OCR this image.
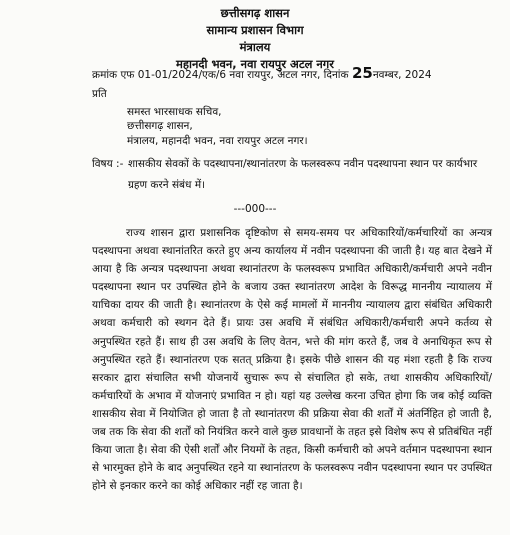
छत्तीसगढ़ शासन
सामान्य प्रशासन विभाग
मंत्रालय
महानदी भवन, नवा रायपुर अटल नगर
क्रमांक एफ 01-01/2024/एक/6 नवा रायपुर, अटल नगर, दिनांक 25नवम्बर, 2024
प्रति
समस्त भारसाधक सचिव,
छत्तीसगढ़ शासन,
मंत्रालय, महानदी भवन, नवा रायपुर अटल नगर।
विषय :- शासकीय सेवकों के पदस्थापना/स्थानांतरण के फलस्वरूप नवीन पदस्थापना स्थान पर कार्यभार ग्रहण करने संबंध में।
---000---
राज्य शासन द्वारा प्रशासनिक दृष्टिकोण से समय-समय पर अधिकारियों/कर्मचारियों का अन्यत्र पदस्थापना अथवा स्थानांतरित करते हुए अन्य कार्यालय में नवीन पदस्थापना की जाती है। यह बात देखने में आया है कि अन्यत्र पदस्थापना अथवा स्थानांतरण के फलस्वरूप प्रभावित अधिकारी/कर्मचारी अपने नवीन पदस्थापना स्थान पर उपस्थित होने के बजाय उक्त स्थानांतरण आदेश के विरूद्ध माननीय न्यायालय में याचिका दायर की जाती है। स्थानांतरण के ऐसे कई मामलों में माननीय न्यायालय द्वारा संबंधित अधिकारी अथवा कर्मचारी को स्थगन देते हैं। प्रायः उस अवधि में संबंधित अधिकारी/कर्मचारी अपने कर्तव्य से अनुपस्थित रहते हैं। साथ ही उस अवधि के लिए वेतन, भत्ते की मांग करते हैं, जब वे अनाधिकृत रूप से अनुपस्थित रहते हैं। स्थानांतरण एक सतत् प्रक्रिया है। इसके पीछे शासन की यह मंशा रहती है कि राज्य सरकार द्वारा संचालित सभी योजनायें सुचारू रूप से संचालित हो सके, तथा शासकीय अधिकारियों/कर्मचारियों के अभाव में योजनाएं प्रभावित न हो। यहां यह उल्लेख करना उचित होगा कि जब कोई व्यक्ति शासकीय सेवा में नियोजित हो जाता है तो स्थानांतरण की प्रक्रिया सेवा की शर्तों में अंतर्निहित हो जाती है, जब तक कि सेवा की शर्तों को नियंत्रित करने वाले कुछ प्रावधानों के तहत इसे विशेष रूप से प्रतिबंधित नहीं किया जाता है। सेवा की ऐसी शर्तों और नियमों के तहत, किसी कर्मचारी को अपने वर्तमान पदस्थापना स्थान से भारमुक्त होने के बाद अनुपस्थित रहने या स्थानांतरण के फलस्वरूप नवीन पदस्थापना स्थान पर उपस्थित होने से इनकार करने का कोई अधिकार नहीं रह जाता है।
